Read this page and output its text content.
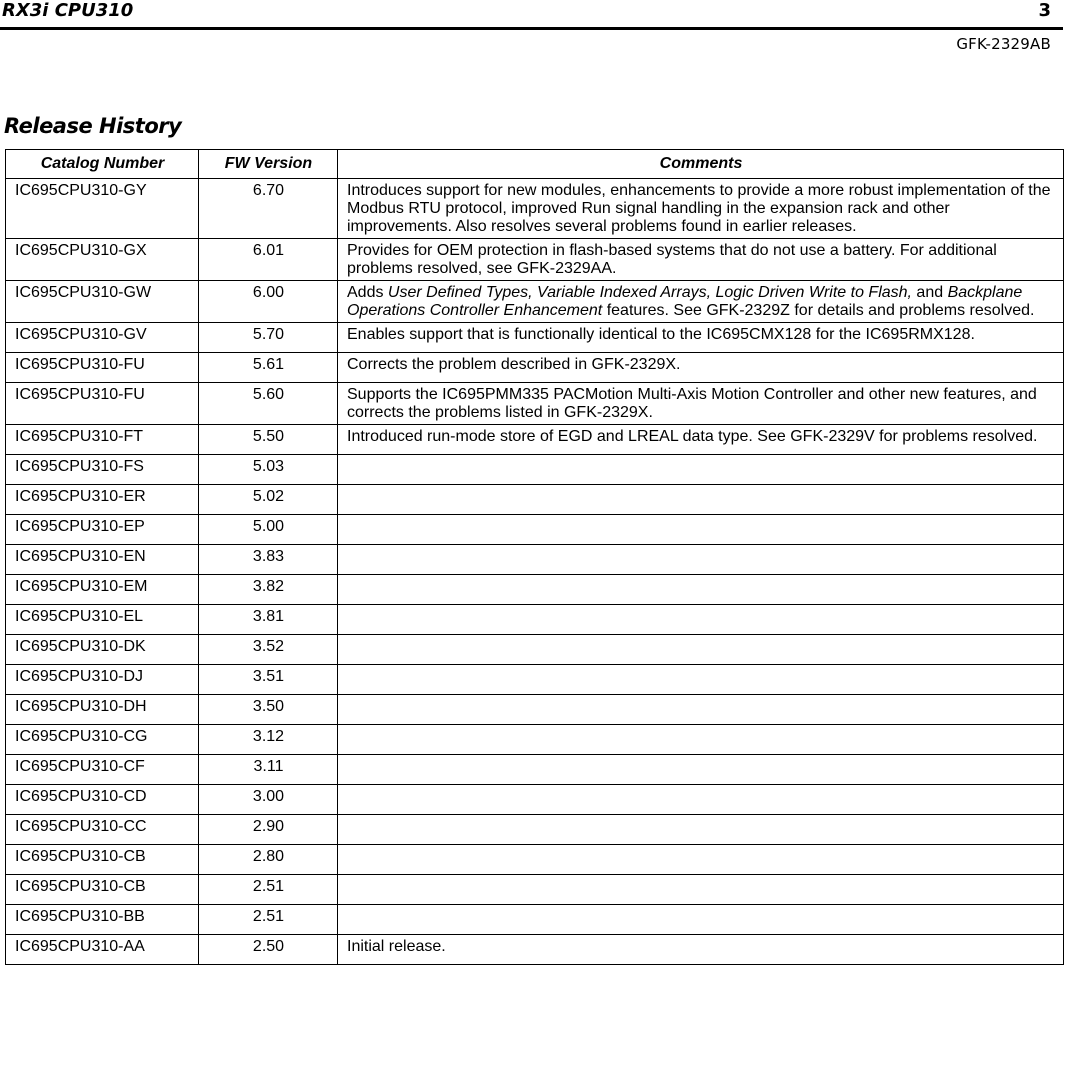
RX3i CPU310	3
GFK-2329AB
Release History
Catalog Number	FW Version	Comments
IC695CPU310-GY	6.70	Introduces support for new modules, enhancements to provide a more robust implementation of the Modbus RTU protocol, improved Run signal handling in the expansion rack and other improvements. Also resolves several problems found in earlier releases.
IC695CPU310-GX	6.01	Provides for OEM protection in flash-based systems that do not use a battery. For additional problems resolved, see GFK-2329AA.
IC695CPU310-GW	6.00	Adds User Defined Types, Variable Indexed Arrays, Logic Driven Write to Flash, and Backplane Operations Controller Enhancement features. See GFK-2329Z for details and problems resolved.
IC695CPU310-GV	5.70	Enables support that is functionally identical to the IC695CMX128 for the IC695RMX128.
IC695CPU310-FU	5.61	Corrects the problem described in GFK-2329X.
IC695CPU310-FU	5.60	Supports the IC695PMM335 PACMotion Multi-Axis Motion Controller and other new features, and corrects the problems listed in GFK-2329X.
IC695CPU310-FT	5.50	Introduced run-mode store of EGD and LREAL data type. See GFK-2329V for problems resolved.
IC695CPU310-FS	5.03	
IC695CPU310-ER	5.02	
IC695CPU310-EP	5.00	
IC695CPU310-EN	3.83	
IC695CPU310-EM	3.82	
IC695CPU310-EL	3.81	
IC695CPU310-DK	3.52	
IC695CPU310-DJ	3.51	
IC695CPU310-DH	3.50	
IC695CPU310-CG	3.12	
IC695CPU310-CF	3.11	
IC695CPU310-CD	3.00	
IC695CPU310-CC	2.90	
IC695CPU310-CB	2.80	
IC695CPU310-CB	2.51	
IC695CPU310-BB	2.51	
IC695CPU310-AA	2.50	Initial release.
